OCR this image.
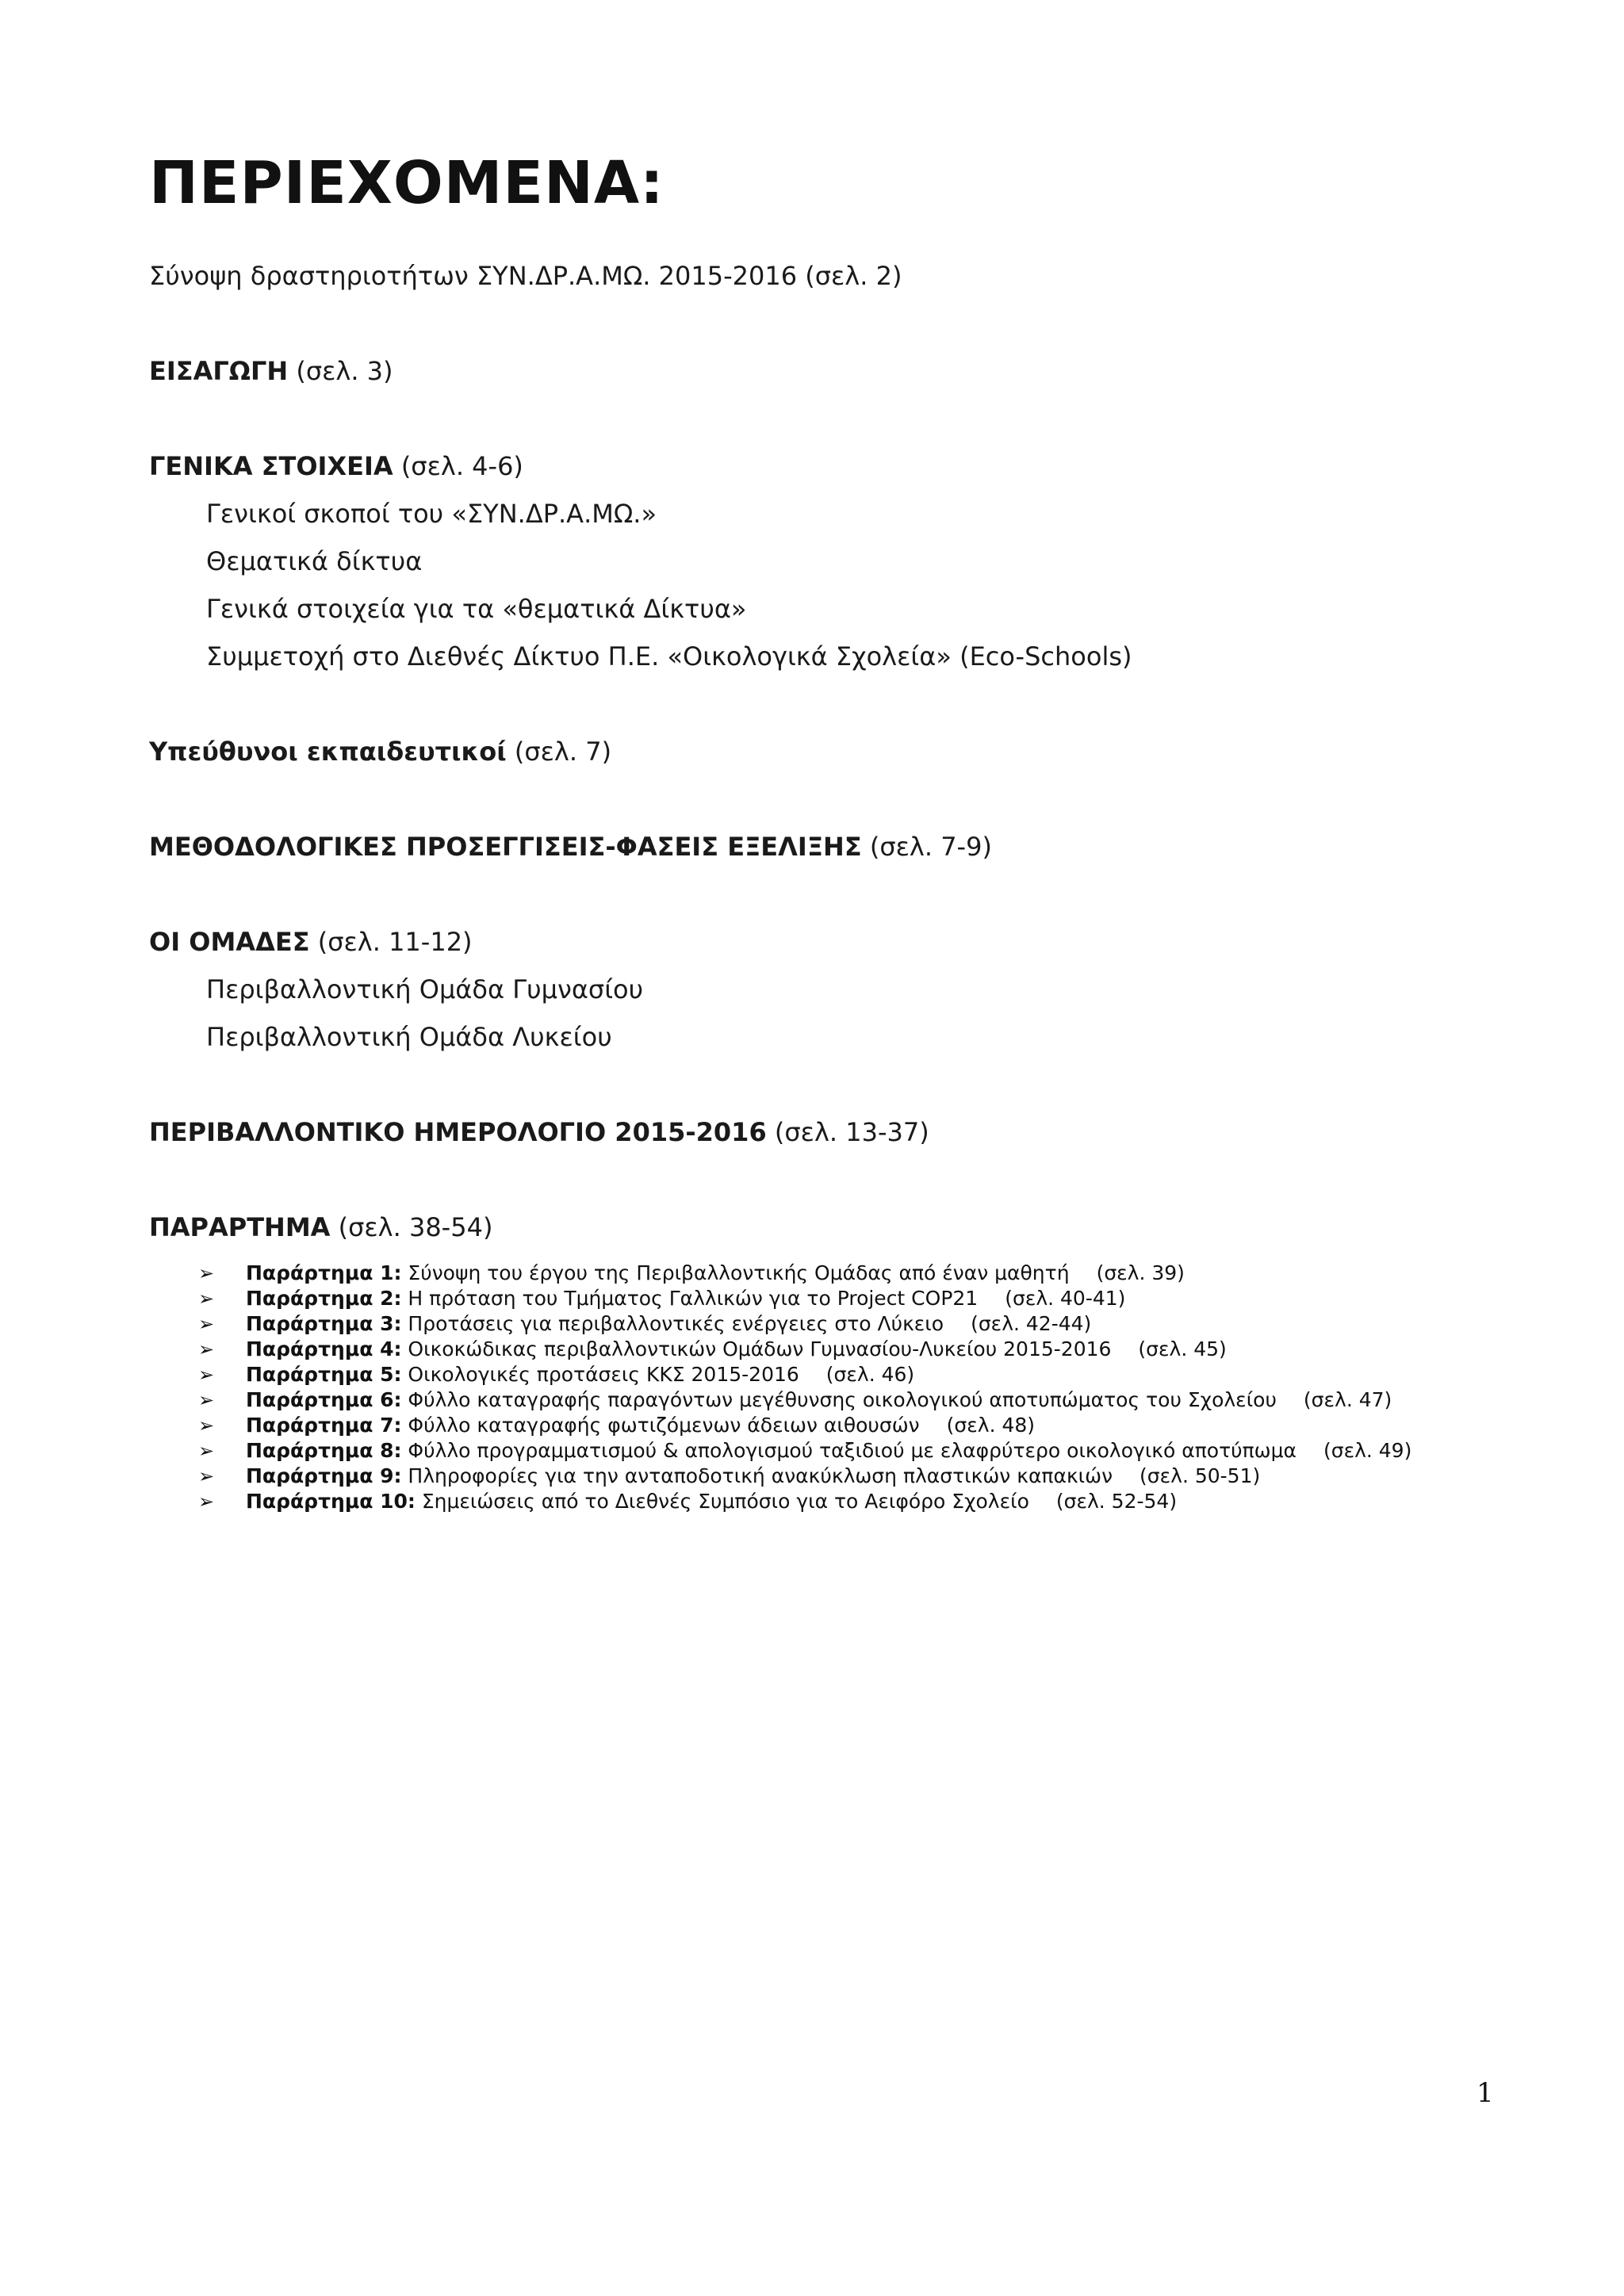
ΠΕΡΙΕΧΟΜΕΝΑ:

Σύνοψη δραστηριοτήτων ΣΥΝ.ΔΡ.Α.ΜΩ. 2015-2016 (σελ. 2)

ΕΙΣΑΓΩΓΗ (σελ. 3)

ΓΕΝΙΚΑ ΣΤΟΙΧΕΙΑ (σελ. 4-6)

Γενικοί σκοποί του «ΣΥΝ.ΔΡ.Α.ΜΩ.»

Θεματικά δίκτυα

Γενικά στοιχεία για τα «θεματικά Δίκτυα»

Συμμετοχή στο Διεθνές Δίκτυο Π.Ε. «Οικολογικά Σχολεία» (Eco-Schools)

Υπεύθυνοι εκπαιδευτικοί (σελ. 7)

ΜΕΘΟΔΟΛΟΓΙΚΕΣ ΠΡΟΣΕΓΓΙΣΕΙΣ-ΦΑΣΕΙΣ ΕΞΕΛΙΞΗΣ (σελ. 7-9)

ΟΙ ΟΜΑΔΕΣ (σελ. 11-12)

Περιβαλλοντική Ομάδα Γυμνασίου

Περιβαλλοντική Ομάδα Λυκείου

ΠΕΡΙΒΑΛΛΟΝΤΙΚΟ ΗΜΕΡΟΛΟΓΙΟ 2015-2016 (σελ. 13-37)

ΠΑΡΑΡΤΗΜΑ (σελ. 38-54)

➢ Παράρτημα 1: Σύνοψη του έργου της Περιβαλλοντικής Ομάδας από έναν μαθητή (σελ. 39)

➢ Παράρτημα 2: Η πρόταση του Τμήματος Γαλλικών για το Project COP21 (σελ. 40-41)

➢ Παράρτημα 3: Προτάσεις για περιβαλλοντικές ενέργειες στο Λύκειο (σελ. 42-44)

➢ Παράρτημα 4: Οικοκώδικας περιβαλλοντικών Ομάδων Γυμνασίου-Λυκείου 2015-2016 (σελ. 45)

➢ Παράρτημα 5: Οικολογικές προτάσεις ΚΚΣ 2015-2016 (σελ. 46)

➢ Παράρτημα 6: Φύλλο καταγραφής παραγόντων μεγέθυνσης οικολογικού αποτυπώματος του Σχολείου (σελ. 47)

➢ Παράρτημα 7: Φύλλο καταγραφής φωτιζόμενων άδειων αιθουσών (σελ. 48)

➢ Παράρτημα 8: Φύλλο προγραμματισμού & απολογισμού ταξιδιού με ελαφρύτερο οικολογικό αποτύπωμα (σελ. 49)

➢ Παράρτημα 9: Πληροφορίες για την ανταποδοτική ανακύκλωση πλαστικών καπακιών (σελ. 50-51)

➢ Παράρτημα 10: Σημειώσεις από το Διεθνές Συμπόσιο για το Αειφόρο Σχολείο (σελ. 52-54)

1
